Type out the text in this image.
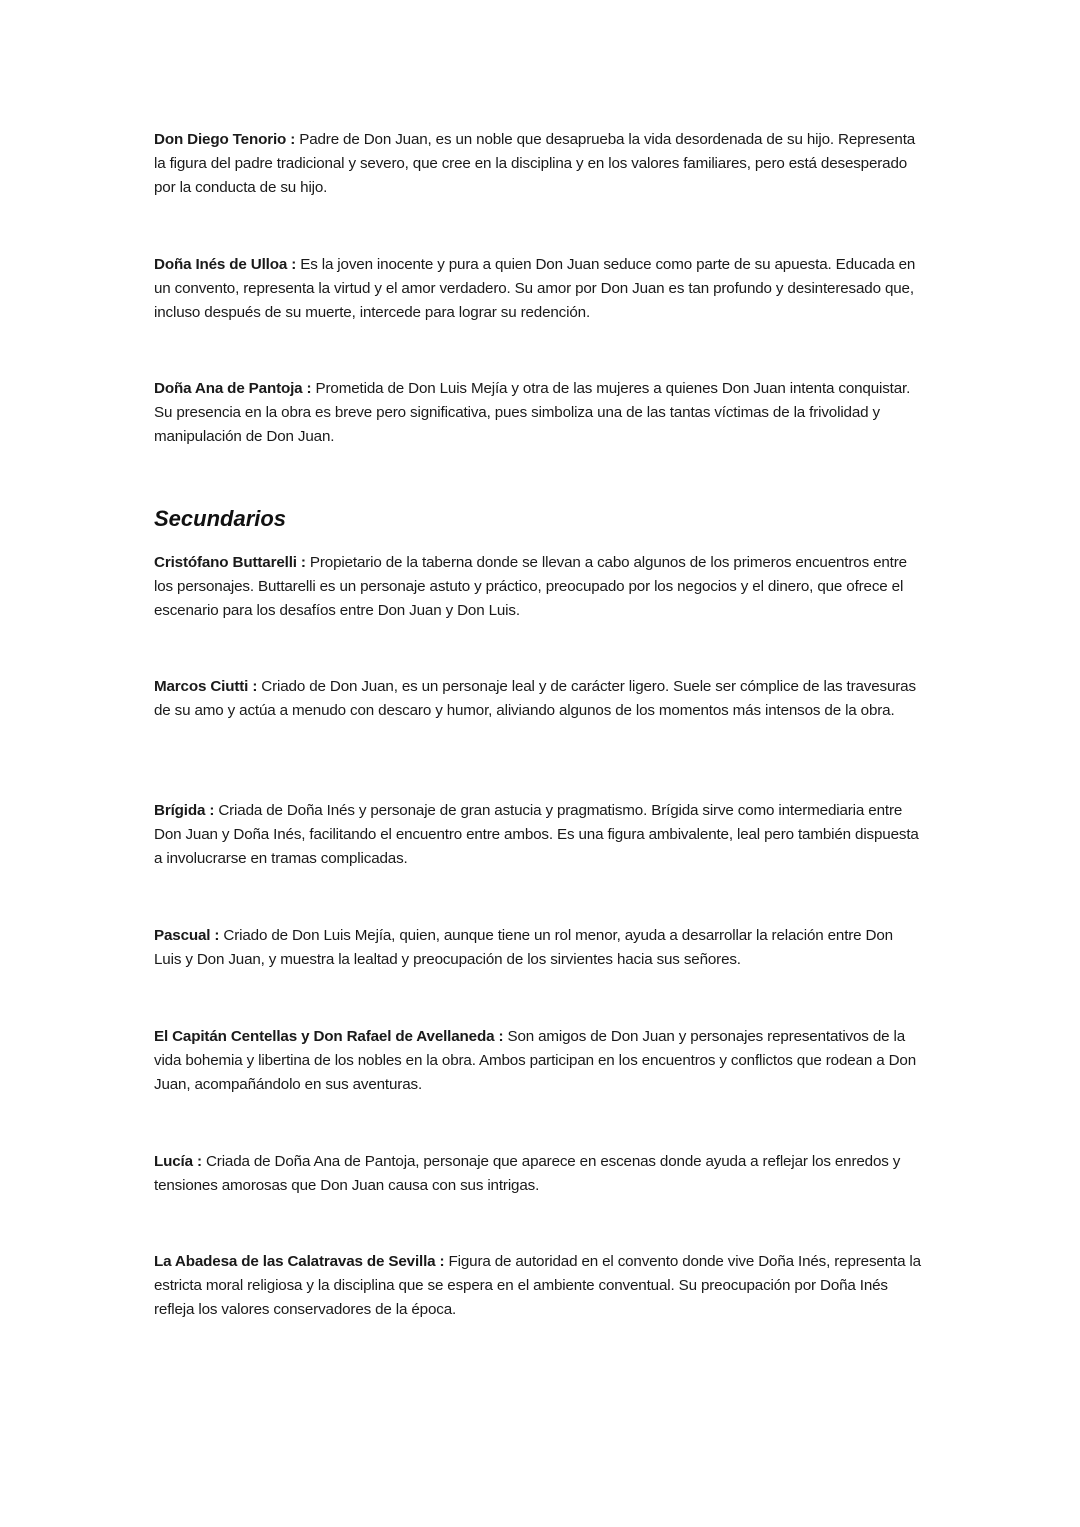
Don Diego Tenorio : Padre de Don Juan, es un noble que desaprueba la vida desordenada de su hijo. Representa la figura del padre tradicional y severo, que cree en la disciplina y en los valores familiares, pero está desesperado por la conducta de su hijo.

Doña Inés de Ulloa : Es la joven inocente y pura a quien Don Juan seduce como parte de su apuesta. Educada en un convento, representa la virtud y el amor verdadero. Su amor por Don Juan es tan profundo y desinteresado que, incluso después de su muerte, intercede para lograr su redención.

Doña Ana de Pantoja : Prometida de Don Luis Mejía y otra de las mujeres a quienes Don Juan intenta conquistar. Su presencia en la obra es breve pero significativa, pues simboliza una de las tantas víctimas de la frivolidad y manipulación de Don Juan.

Secundarios

Cristófano Buttarelli : Propietario de la taberna donde se llevan a cabo algunos de los primeros encuentros entre los personajes. Buttarelli es un personaje astuto y práctico, preocupado por los negocios y el dinero, que ofrece el escenario para los desafíos entre Don Juan y Don Luis.

Marcos Ciutti : Criado de Don Juan, es un personaje leal y de carácter ligero. Suele ser cómplice de las travesuras de su amo y actúa a menudo con descaro y humor, aliviando algunos de los momentos más intensos de la obra.

Brígida : Criada de Doña Inés y personaje de gran astucia y pragmatismo. Brígida sirve como intermediaria entre Don Juan y Doña Inés, facilitando el encuentro entre ambos. Es una figura ambivalente, leal pero también dispuesta a involucrarse en tramas complicadas.

Pascual : Criado de Don Luis Mejía, quien, aunque tiene un rol menor, ayuda a desarrollar la relación entre Don Luis y Don Juan, y muestra la lealtad y preocupación de los sirvientes hacia sus señores.

El Capitán Centellas y Don Rafael de Avellaneda : Son amigos de Don Juan y personajes representativos de la vida bohemia y libertina de los nobles en la obra. Ambos participan en los encuentros y conflictos que rodean a Don Juan, acompañándolo en sus aventuras.

Lucía : Criada de Doña Ana de Pantoja, personaje que aparece en escenas donde ayuda a reflejar los enredos y tensiones amorosas que Don Juan causa con sus intrigas.

La Abadesa de las Calatravas de Sevilla : Figura de autoridad en el convento donde vive Doña Inés, representa la estricta moral religiosa y la disciplina que se espera en el ambiente conventual. Su preocupación por Doña Inés refleja los valores conservadores de la época.
